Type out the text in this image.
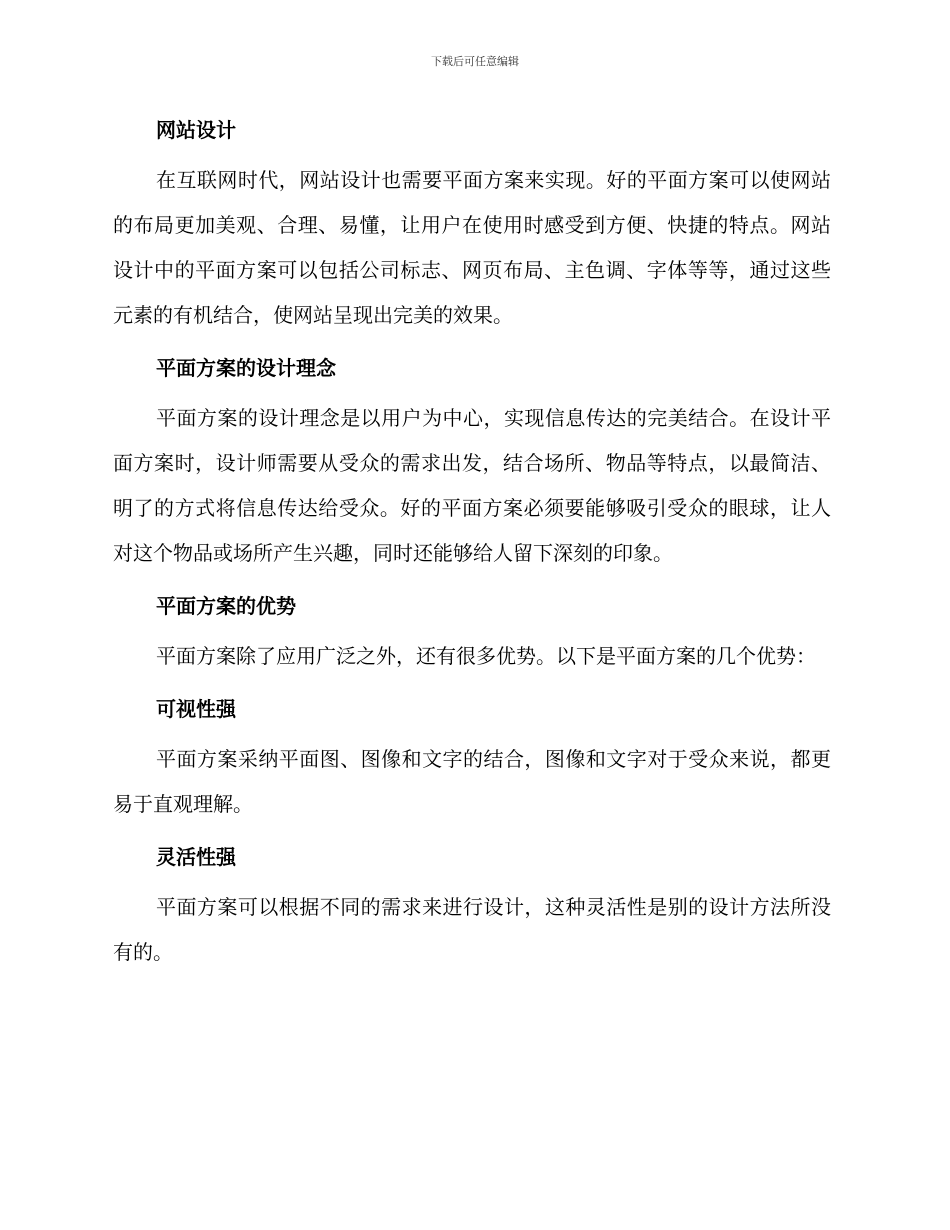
下载后可任意编辑
网站设计

在互联网时代，网站设计也需要平面方案来实现。好的平面方案可以使网站的布局更加美观、合理、易懂，让用户在使用时感受到方便、快捷的特点。网站设计中的平面方案可以包括公司标志、网页布局、主色调、字体等等，通过这些元素的有机结合，使网站呈现出完美的效果。

平面方案的设计理念

平面方案的设计理念是以用户为中心，实现信息传达的完美结合。在设计平面方案时，设计师需要从受众的需求出发，结合场所、物品等特点，以最简洁、明了的方式将信息传达给受众。好的平面方案必须要能够吸引受众的眼球，让人对这个物品或场所产生兴趣，同时还能够给人留下深刻的印象。

平面方案的优势

平面方案除了应用广泛之外，还有很多优势。以下是平面方案的几个优势：

可视性强

平面方案采纳平面图、图像和文字的结合，图像和文字对于受众来说，都更易于直观理解。

灵活性强

平面方案可以根据不同的需求来进行设计，这种灵活性是别的设计方法所没有的。
